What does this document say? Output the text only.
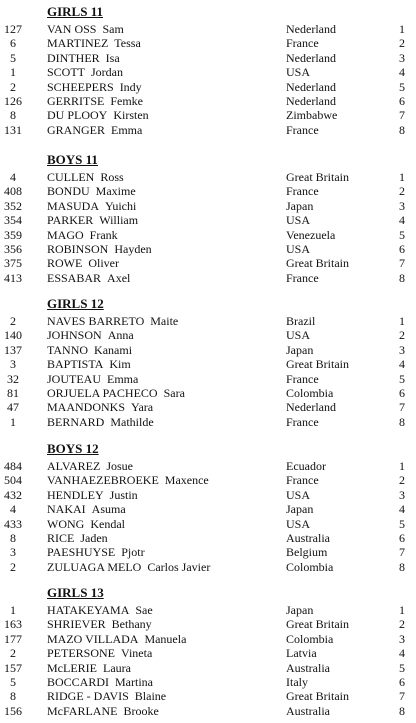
GIRLS 11
127	VAN OSS Sam	Nederland	1
6	MARTINEZ Tessa	France	2
5	DINTHER Isa	Nederland	3
1	SCOTT Jordan	USA	4
2	SCHEEPERS Indy	Nederland	5
126	GERRITSE Femke	Nederland	6
8	DU PLOOY Kirsten	Zimbabwe	7
131	GRANGER Emma	France	8
BOYS 11
4	CULLEN Ross	Great Britain	1
408	BONDU Maxime	France	2
352	MASUDA Yuichi	Japan	3
354	PARKER William	USA	4
359	MAGO Frank	Venezuela	5
356	ROBINSON Hayden	USA	6
375	ROWE Oliver	Great Britain	7
413	ESSABAR Axel	France	8
GIRLS 12
2	NAVES BARRETO Maite	Brazil	1
140	JOHNSON Anna	USA	2
137	TANNO Kanami	Japan	3
3	BAPTISTA Kim	Great Britain	4
32	JOUTEAU Emma	France	5
81	ORJUELA PACHECO Sara	Colombia	6
47	MAANDONKS Yara	Nederland	7
1	BERNARD Mathilde	France	8
BOYS 12
484	ALVAREZ Josue	Ecuador	1
504	VANHAEZEBROEKE Maxence	France	2
432	HENDLEY Justin	USA	3
4	NAKAI Asuma	Japan	4
433	WONG Kendal	USA	5
8	RICE Jaden	Australia	6
3	PAESHUYSE Pjotr	Belgium	7
2	ZULUAGA MELO Carlos Javier	Colombia	8
GIRLS 13
1	HATAKEYAMA Sae	Japan	1
163	SHRIEVER Bethany	Great Britain	2
177	MAZO VILLADA Manuela	Colombia	3
2	PETERSONE Vineta	Latvia	4
157	McLERIE Laura	Australia	5
5	BOCCARDI Martina	Italy	6
8	RIDGE - DAVIS Blaine	Great Britain	7
156	McFARLANE Brooke	Australia	8
